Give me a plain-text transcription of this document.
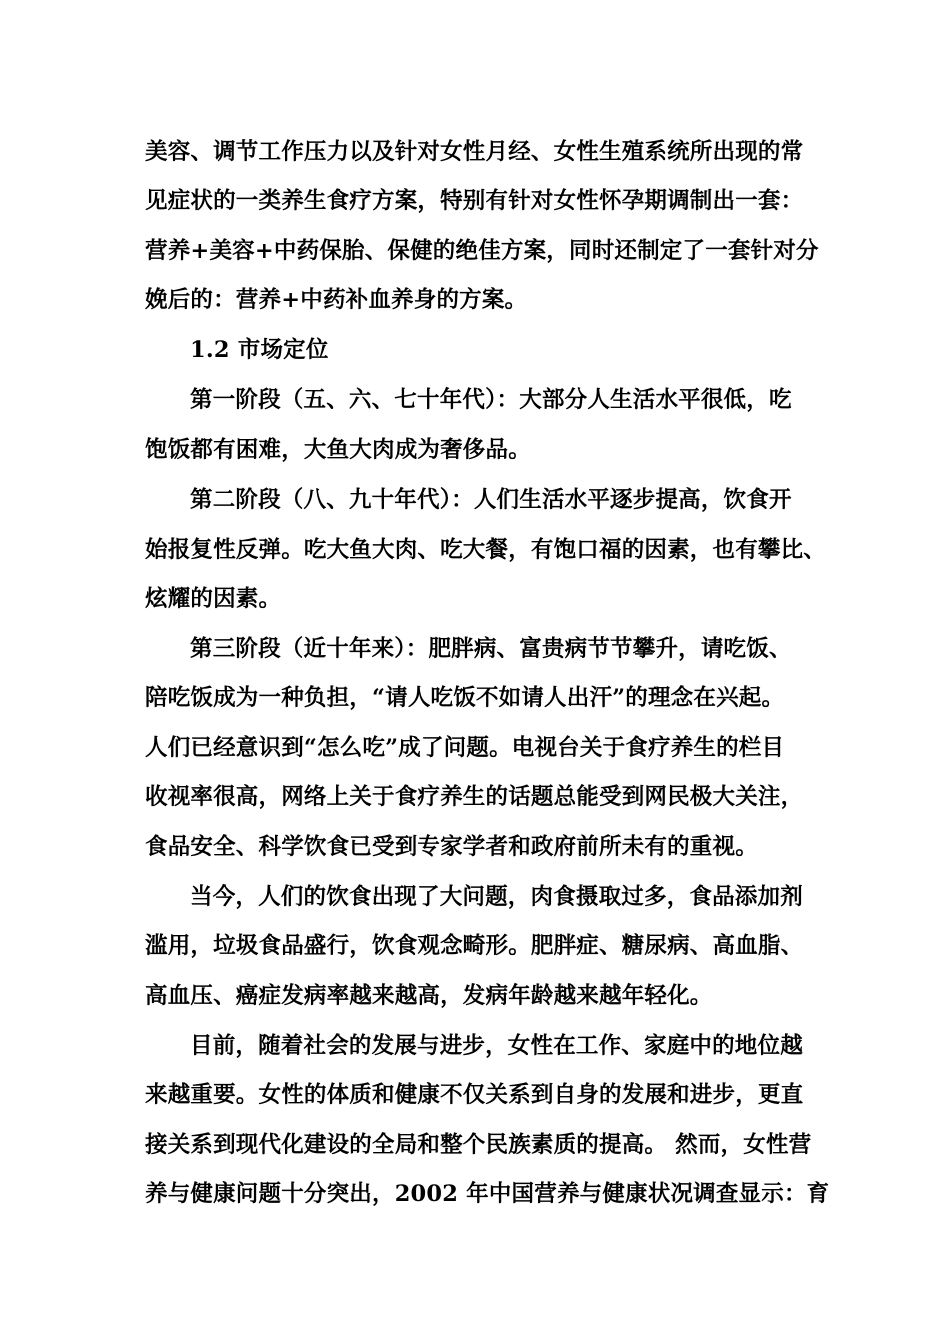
美容、调节工作压力以及针对女性月经、女性生殖系统所出现的常
见症状的一类养生食疗方案，特别有针对女性怀孕期调制出一套：
营养+美容+中药保胎、保健的绝佳方案，同时还制定了一套针对分
娩后的：营养+中药补血养身的方案。
1.2 市场定位
第一阶段（五、六、七十年代）：大部分人生活水平很低，吃
饱饭都有困难，大鱼大肉成为奢侈品。
第二阶段（八、九十年代）：人们生活水平逐步提高，饮食开
始报复性反弹。吃大鱼大肉、吃大餐，有饱口福的因素，也有攀比、
炫耀的因素。
第三阶段（近十年来）：肥胖病、富贵病节节攀升，请吃饭、
陪吃饭成为一种负担，“请人吃饭不如请人出汗”的理念在兴起。
人们已经意识到“怎么吃”成了问题。电视台关于食疗养生的栏目
收视率很高，网络上关于食疗养生的话题总能受到网民极大关注，
食品安全、科学饮食已受到专家学者和政府前所未有的重视。
当今，人们的饮食出现了大问题，肉食摄取过多，食品添加剂
滥用，垃圾食品盛行，饮食观念畸形。肥胖症、糖尿病、高血脂、
高血压、癌症发病率越来越高，发病年龄越来越年轻化。
目前，随着社会的发展与进步，女性在工作、家庭中的地位越
来越重要。女性的体质和健康不仅关系到自身的发展和进步，更直
接关系到现代化建设的全局和整个民族素质的提高。 然而，女性营
养与健康问题十分突出，2002 年中国营养与健康状况调查显示：育
